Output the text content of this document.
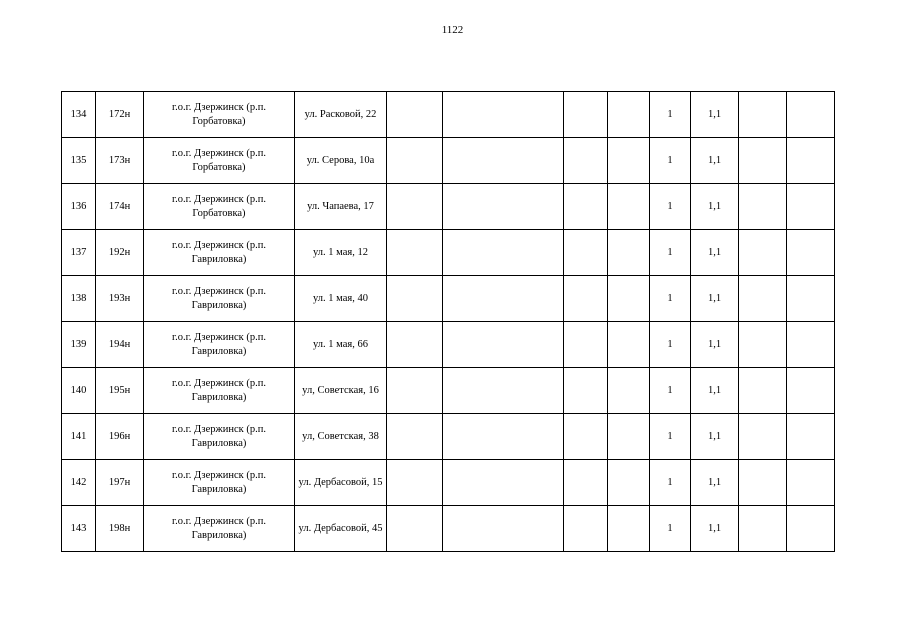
1122
134	172н	г.о.г. Дзержинск (р.п. Горбатовка)	ул. Расковой, 22					1	1,1		
135	173н	г.о.г. Дзержинск (р.п. Горбатовка)	ул. Серова, 10а					1	1,1		
136	174н	г.о.г. Дзержинск (р.п. Горбатовка)	ул. Чапаева, 17					1	1,1		
137	192н	г.о.г. Дзержинск (р.п. Гавриловка)	ул. 1 мая, 12					1	1,1		
138	193н	г.о.г. Дзержинск (р.п. Гавриловка)	ул. 1 мая, 40					1	1,1		
139	194н	г.о.г. Дзержинск (р.п. Гавриловка)	ул. 1 мая, 66					1	1,1		
140	195н	г.о.г. Дзержинск (р.п. Гавриловка)	ул, Советская, 16					1	1,1		
141	196н	г.о.г. Дзержинск (р.п. Гавриловка)	ул, Советская, 38					1	1,1		
142	197н	г.о.г. Дзержинск (р.п. Гавриловка)	ул. Дербасовой, 15					1	1,1		
143	198н	г.о.г. Дзержинск (р.п. Гавриловка)	ул. Дербасовой, 45					1	1,1		
